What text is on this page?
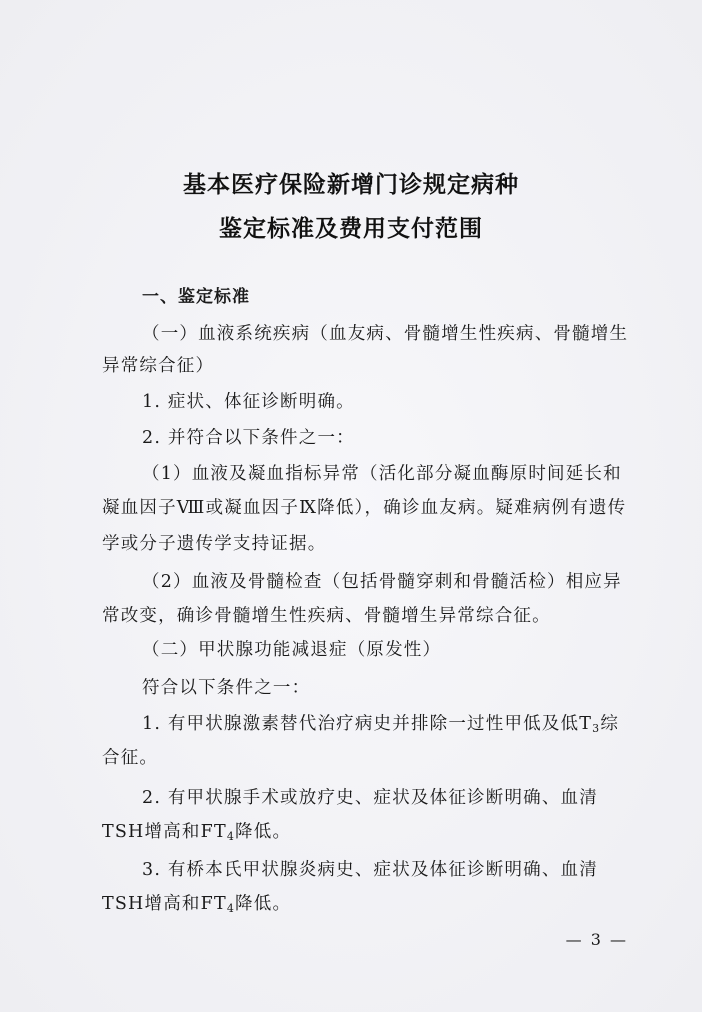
基本医疗保险新增门诊规定病种
鉴定标准及费用支付范围
一、鉴定标准
（一）血液系统疾病（血友病、骨髓增生性疾病、骨髓增生
异常综合征）
1. 症状、体征诊断明确。
2. 并符合以下条件之一：
（1）血液及凝血指标异常（活化部分凝血酶原时间延长和
凝血因子Ⅷ或凝血因子Ⅸ降低），确诊血友病。疑难病例有遗传
学或分子遗传学支持证据。
（2）血液及骨髓检查（包括骨髓穿刺和骨髓活检）相应异
常改变，确诊骨髓增生性疾病、骨髓增生异常综合征。
（二）甲状腺功能减退症（原发性）
符合以下条件之一：
1. 有甲状腺激素替代治疗病史并排除一过性甲低及低$T_3$综
合征。
2. 有甲状腺手术或放疗史、症状及体征诊断明确、血清
TSH增高和$FT_4$降低。
3. 有桥本氏甲状腺炎病史、症状及体征诊断明确、血清
TSH增高和$FT_4$降低。
— 3 —
